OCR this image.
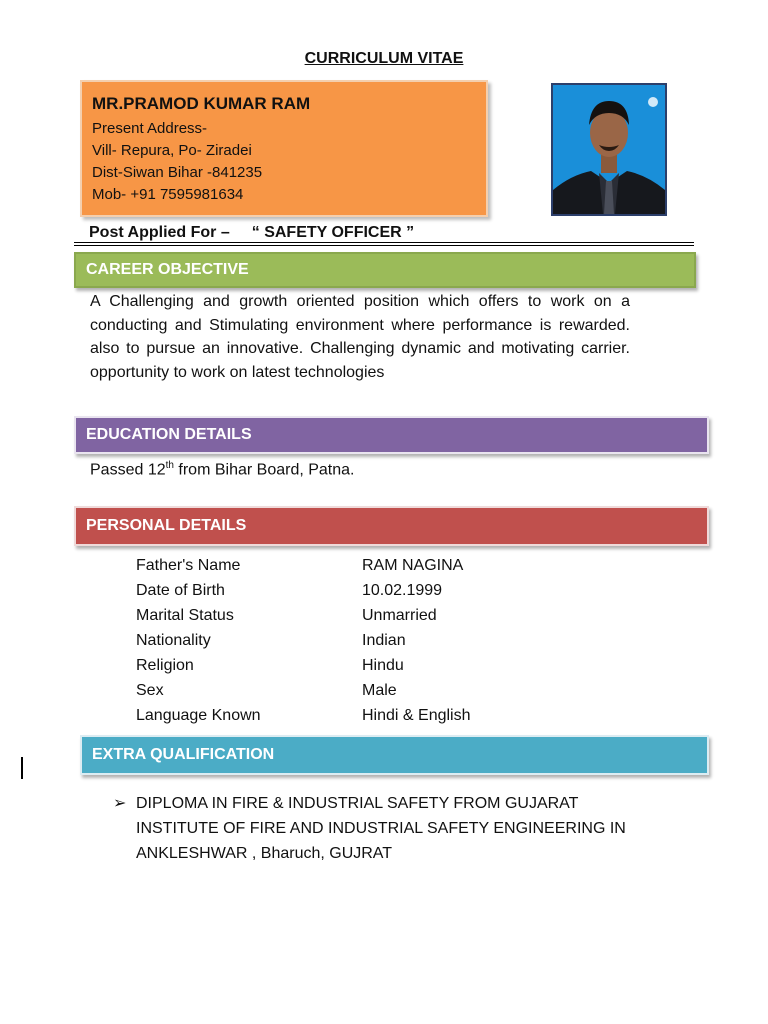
CURRICULUM VITAE
MR.PRAMOD KUMAR RAM
Present Address-
Vill- Repura, Po- Ziradei
Dist-Siwan Bihar -841235
Mob- +91 7595981634
Post Applied For – “ SAFETY OFFICER ”
CAREER OBJECTIVE
A Challenging and growth oriented position which offers to work on a conducting and Stimulating environment where performance is rewarded. also to pursue an innovative. Challenging dynamic and motivating carrier. opportunity to work on latest technologies
EDUCATION DETAILS
Passed 12th from Bihar Board, Patna.
PERSONAL DETAILS
Father's Name	RAM NAGINA
Date of Birth	10.02.1999
Marital Status	Unmarried
Nationality	Indian
Religion	Hindu
Sex	Male
Language Known	Hindi & English
EXTRA QUALIFICATION
➢ DIPLOMA IN FIRE & INDUSTRIAL SAFETY FROM GUJARAT INSTITUTE OF FIRE AND INDUSTRIAL SAFETY ENGINEERING IN ANKLESHWAR , Bharuch, GUJRAT
